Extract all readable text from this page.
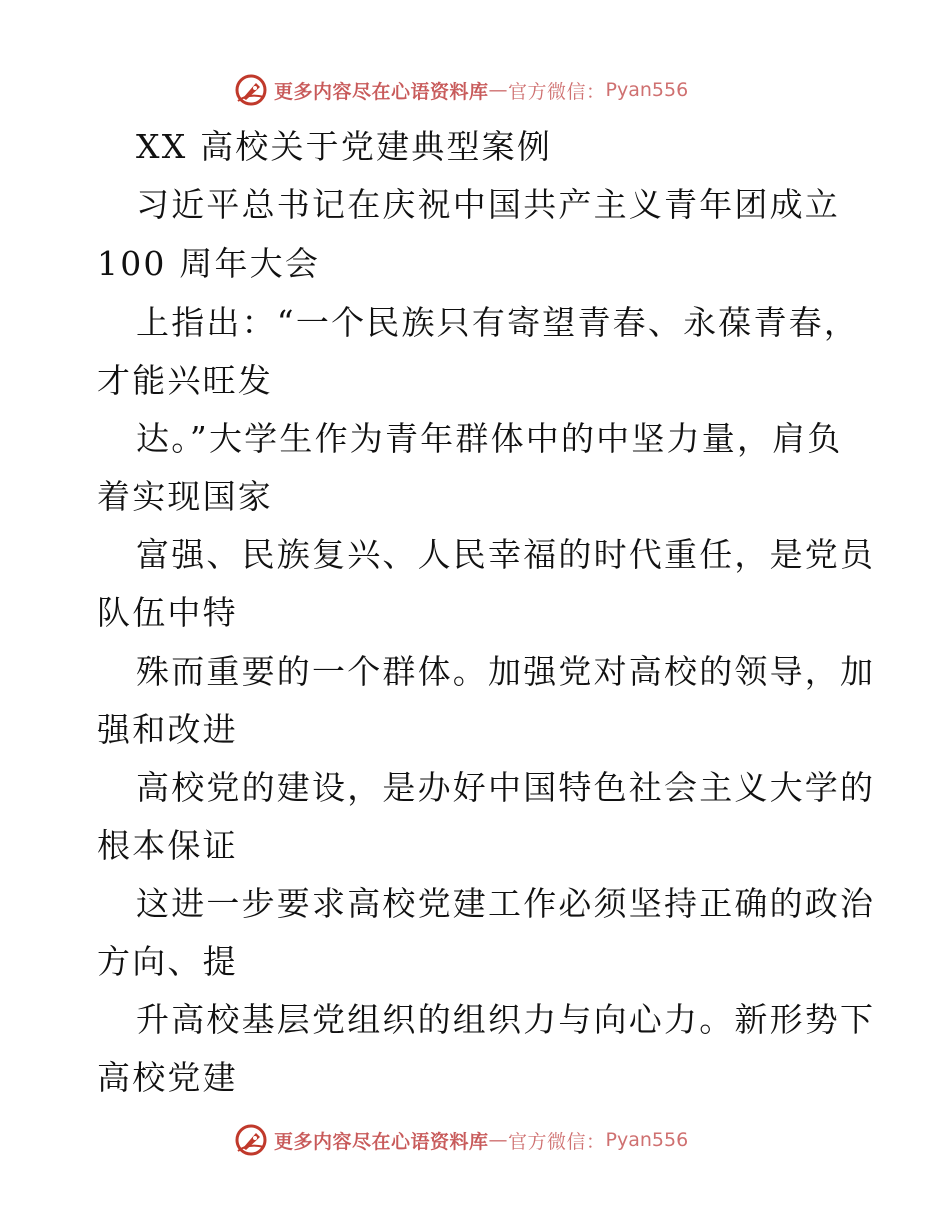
更多内容尽在心语资料库 — 官方微信： Pyan556
XX 高校关于党建典型案例
习近平总书记在庆祝中国共产主义青年团成立
100 周年大会
上指出：“一个民族只有寄望青春、永葆青春，
才能兴旺发
达。”大学生作为青年群体中的中坚力量，肩负
着实现国家
富强、民族复兴、人民幸福的时代重任，是党员
队伍中特
殊而重要的一个群体。加强党对高校的领导，加
强和改进
高校党的建设，是办好中国特色社会主义大学的
根本保证
这进一步要求高校党建工作必须坚持正确的政治
方向、提
升高校基层党组织的组织力与向心力。新形势下
高校党建
更多内容尽在心语资料库 — 官方微信： Pyan556
